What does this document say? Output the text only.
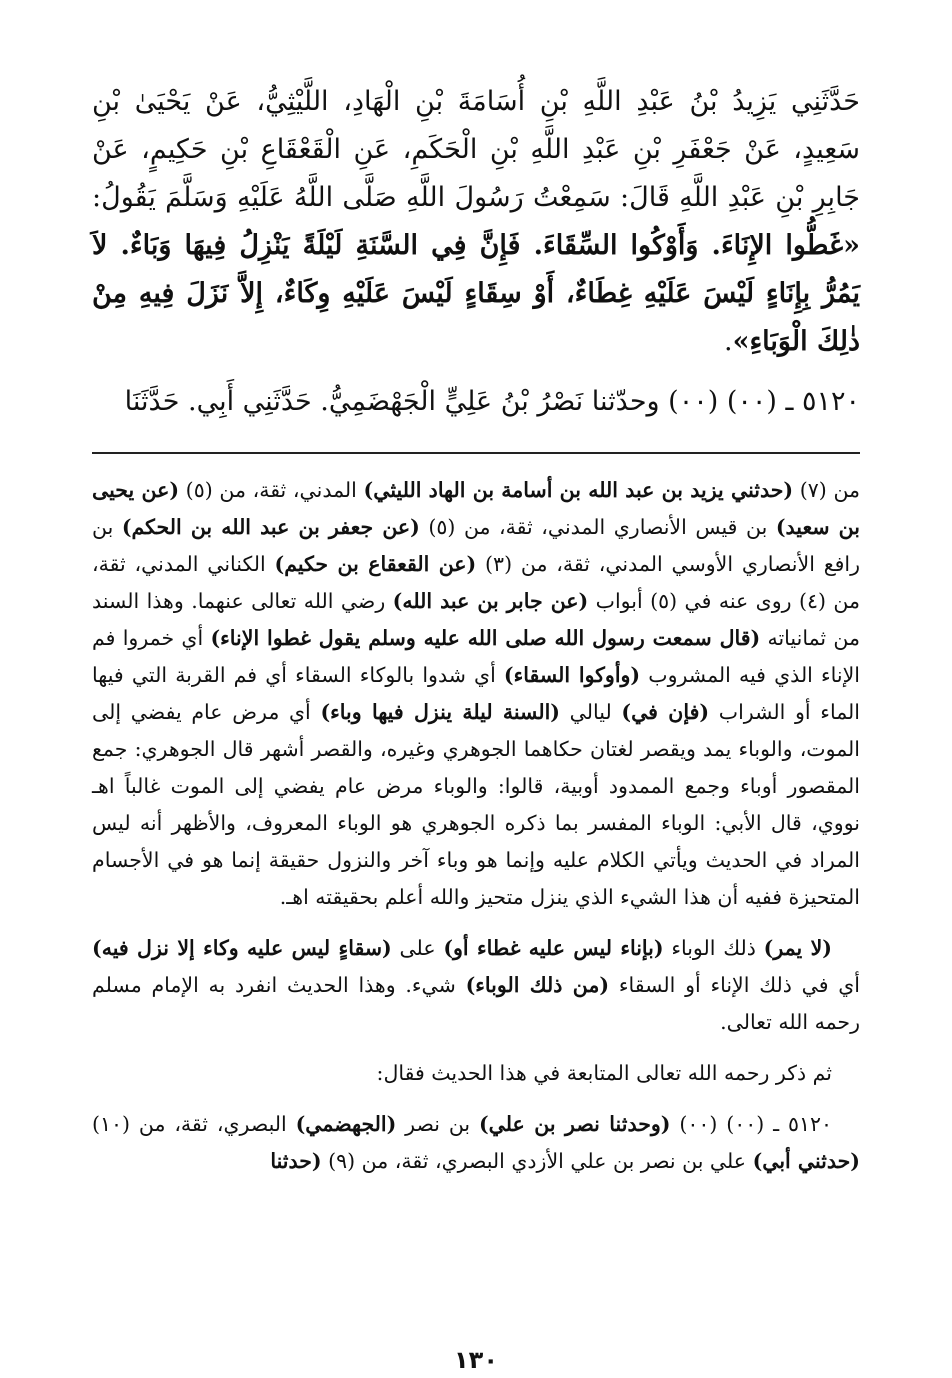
حَدَّثَنِي يَزِيدُ بْنُ عَبْدِ اللَّهِ بْنِ أُسَامَةَ بْنِ الْهَادِ، اللَّيْثِيُّ، عَنْ يَحْيَىٰ بْنِ سَعِيدٍ، عَنْ جَعْفَرِ بْنِ عَبْدِ اللَّهِ بْنِ الْحَكَمِ، عَنِ الْقَعْقَاعِ بْنِ حَكِيمٍ، عَنْ جَابِرِ بْنِ عَبْدِ اللَّهِ قَالَ: سَمِعْتُ رَسُولَ اللَّهِ صَلَّى اللَّهُ عَلَيْهِ وَسَلَّمَ يَقُولُ: «غَطُّوا الإِنَاءَ. وَأَوْكُوا السِّقَاءَ. فَإِنَّ فِي السَّنَةِ لَيْلَةً يَنْزِلُ فِيهَا وَبَاءٌ. لاَ يَمُرُّ بِإِنَاءٍ لَيْسَ عَلَيْهِ غِطَاءٌ، أَوْ سِقَاءٍ لَيْسَ عَلَيْهِ وِكَاءٌ، إِلاَّ نَزَلَ فِيهِ مِنْ ذٰلِكَ الْوَبَاءِ».

٥١٢٠ ـ (٠٠) (٠٠) وحدّثنا نَصْرُ بْنُ عَلِيٍّ الْجَهْضَمِيُّ. حَدَّثَنِي أَبِي. حَدَّثَنَا

من (٧) (حدثني يزيد بن عبد الله بن أسامة بن الهاد الليثي) المدني، ثقة، من (٥) (عن يحيى بن سعيد) بن قيس الأنصاري المدني، ثقة، من (٥) (عن جعفر بن عبد الله بن الحكم) بن رافع الأنصاري الأوسي المدني، ثقة، من (٣) (عن القعقاع بن حكيم) الكناني المدني، ثقة، من (٤) روى عنه في (٥) أبواب (عن جابر بن عبد الله) رضي الله تعالى عنهما. وهذا السند من ثمانياته (قال سمعت رسول الله صلى الله عليه وسلم يقول غطوا الإناء) أي خمروا فم الإناء الذي فيه المشروب (وأوكوا السقاء) أي شدوا بالوكاء السقاء أي فم القربة التي فيها الماء أو الشراب (فإن في) ليالي (السنة ليلة ينزل فيها وباء) أي مرض عام يفضي إلى الموت، والوباء يمد ويقصر لغتان حكاهما الجوهري وغيره، والقصر أشهر قال الجوهري: جمع المقصور أوباء وجمع الممدود أوبية، قالوا: والوباء مرض عام يفضي إلى الموت غالباً اهـ نووي، قال الأبي: الوباء المفسر بما ذكره الجوهري هو الوباء المعروف، والأظهر أنه ليس المراد في الحديث ويأتي الكلام عليه وإنما هو وباء آخر والنزول حقيقة إنما هو في الأجسام المتحيزة ففيه أن هذا الشيء الذي ينزل متحيز والله أعلم بحقيقته اهـ.

(لا يمر) ذلك الوباء (بإناء ليس عليه غطاء أو) على (سقاءٍ ليس عليه وكاء إلا نزل فيه) أي في ذلك الإناء أو السقاء (من ذلك الوباء) شيء. وهذا الحديث انفرد به الإمام مسلم رحمه الله تعالى.

ثم ذكر رحمه الله تعالى المتابعة في هذا الحديث فقال:

٥١٢٠ ـ (٠٠) (٠٠) (وحدثنا نصر بن علي) بن نصر (الجهضمي) البصري، ثقة، من (١٠) (حدثني أبي) علي بن نصر بن علي الأزدي البصري، ثقة، من (٩) (حدثنا

١٣٠
